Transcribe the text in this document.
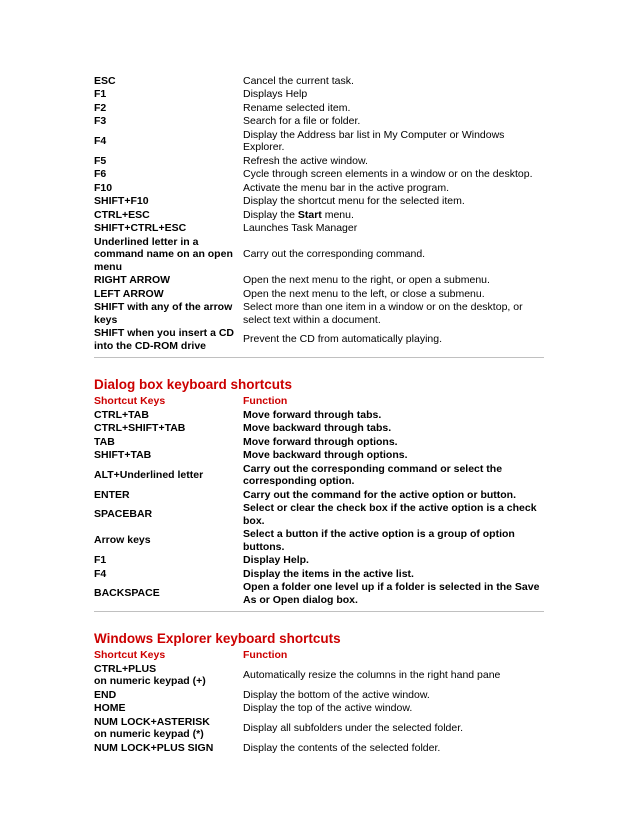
ESC	Cancel the current task.
F1	Displays Help
F2	Rename selected item.
F3	Search for a file or folder.
F4	Display the Address bar list in My Computer or Windows Explorer.
F5	Refresh the active window.
F6	Cycle through screen elements in a window or on the desktop.
F10	Activate the menu bar in the active program.
SHIFT+F10	Display the shortcut menu for the selected item.
CTRL+ESC	Display the Start menu.
SHIFT+CTRL+ESC	Launches Task Manager
Underlined letter in a command name on an open menu	Carry out the corresponding command.
RIGHT ARROW	Open the next menu to the right, or open a submenu.
LEFT ARROW	Open the next menu to the left, or close a submenu.
SHIFT with any of the arrow keys	Select more than one item in a window or on the desktop, or select text within a document.
SHIFT when you insert a CD into the CD-ROM drive	Prevent the CD from automatically playing.
Dialog box keyboard shortcuts
Shortcut Keys	Function
CTRL+TAB	Move forward through tabs.
CTRL+SHIFT+TAB	Move backward through tabs.
TAB	Move forward through options.
SHIFT+TAB	Move backward through options.
ALT+Underlined letter	Carry out the corresponding command or select the corresponding option.
ENTER	Carry out the command for the active option or button.
SPACEBAR	Select or clear the check box if the active option is a check box.
Arrow keys	Select a button if the active option is a group of option buttons.
F1	Display Help.
F4	Display the items in the active list.
BACKSPACE	Open a folder one level up if a folder is selected in the Save As or Open dialog box.
Windows Explorer keyboard shortcuts
Shortcut Keys	Function
CTRL+PLUS
on numeric keypad (+)	Automatically resize the columns in the right hand pane
END	Display the bottom of the active window.
HOME	Display the top of the active window.
NUM LOCK+ASTERISK
on numeric keypad (*)	Display all subfolders under the selected folder.
NUM LOCK+PLUS SIGN	Display the contents of the selected folder.
